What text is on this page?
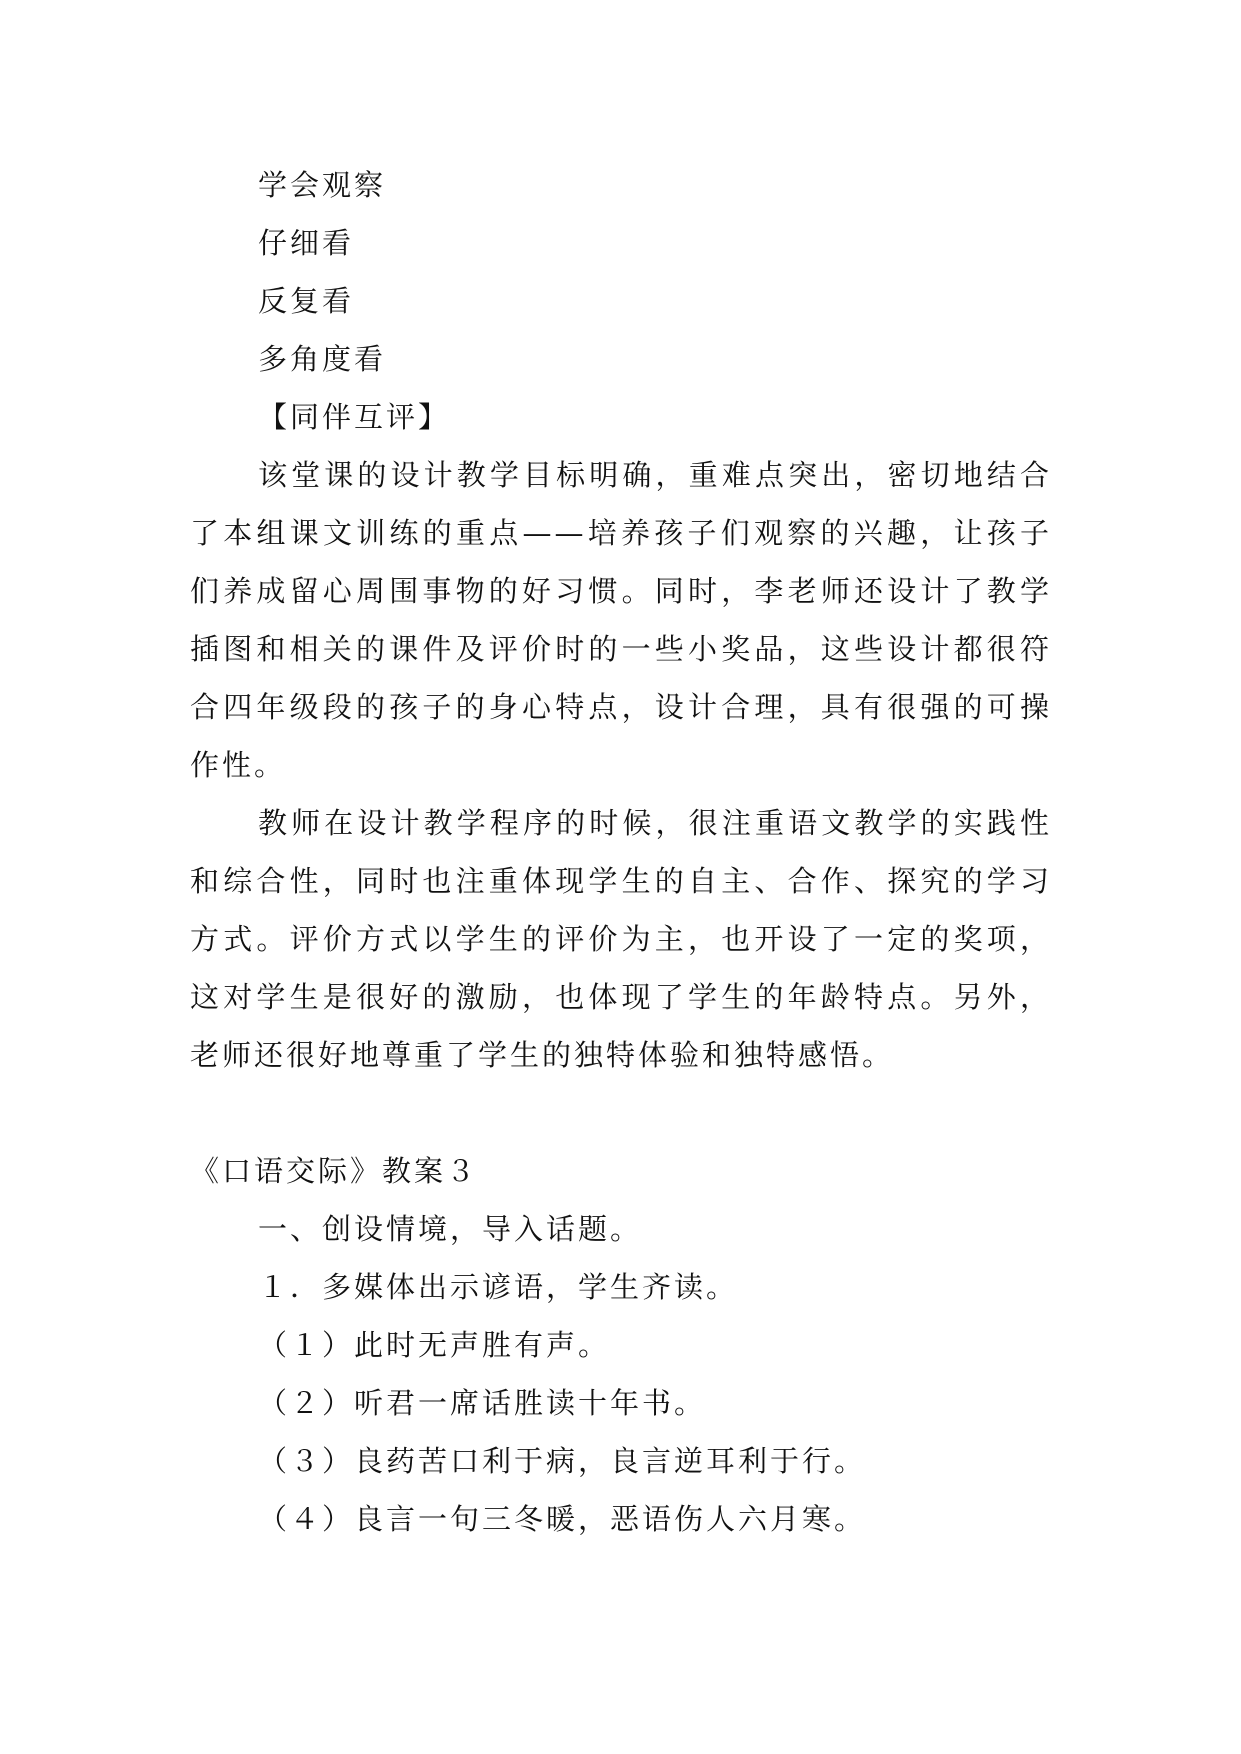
学会观察
仔细看
反复看
多角度看
【同伴互评】
该堂课的设计教学目标明确，重难点突出，密切地结合
了本组课文训练的重点——培养孩子们观察的兴趣，让孩子
们养成留心周围事物的好习惯。同时，李老师还设计了教学
插图和相关的课件及评价时的一些小奖品，这些设计都很符
合四年级段的孩子的身心特点，设计合理，具有很强的可操
作性。
教师在设计教学程序的时候，很注重语文教学的实践性
和综合性，同时也注重体现学生的自主、合作、探究的学习
方式。评价方式以学生的评价为主，也开设了一定的奖项，
这对学生是很好的激励，也体现了学生的年龄特点。另外，
老师还很好地尊重了学生的独特体验和独特感悟。
《口语交际》教案３
一、创设情境，导入话题。
１．多媒体出示谚语，学生齐读。
（１）此时无声胜有声。
（２）听君一席话胜读十年书。
（３）良药苦口利于病，良言逆耳利于行。
（４）良言一句三冬暖，恶语伤人六月寒。
